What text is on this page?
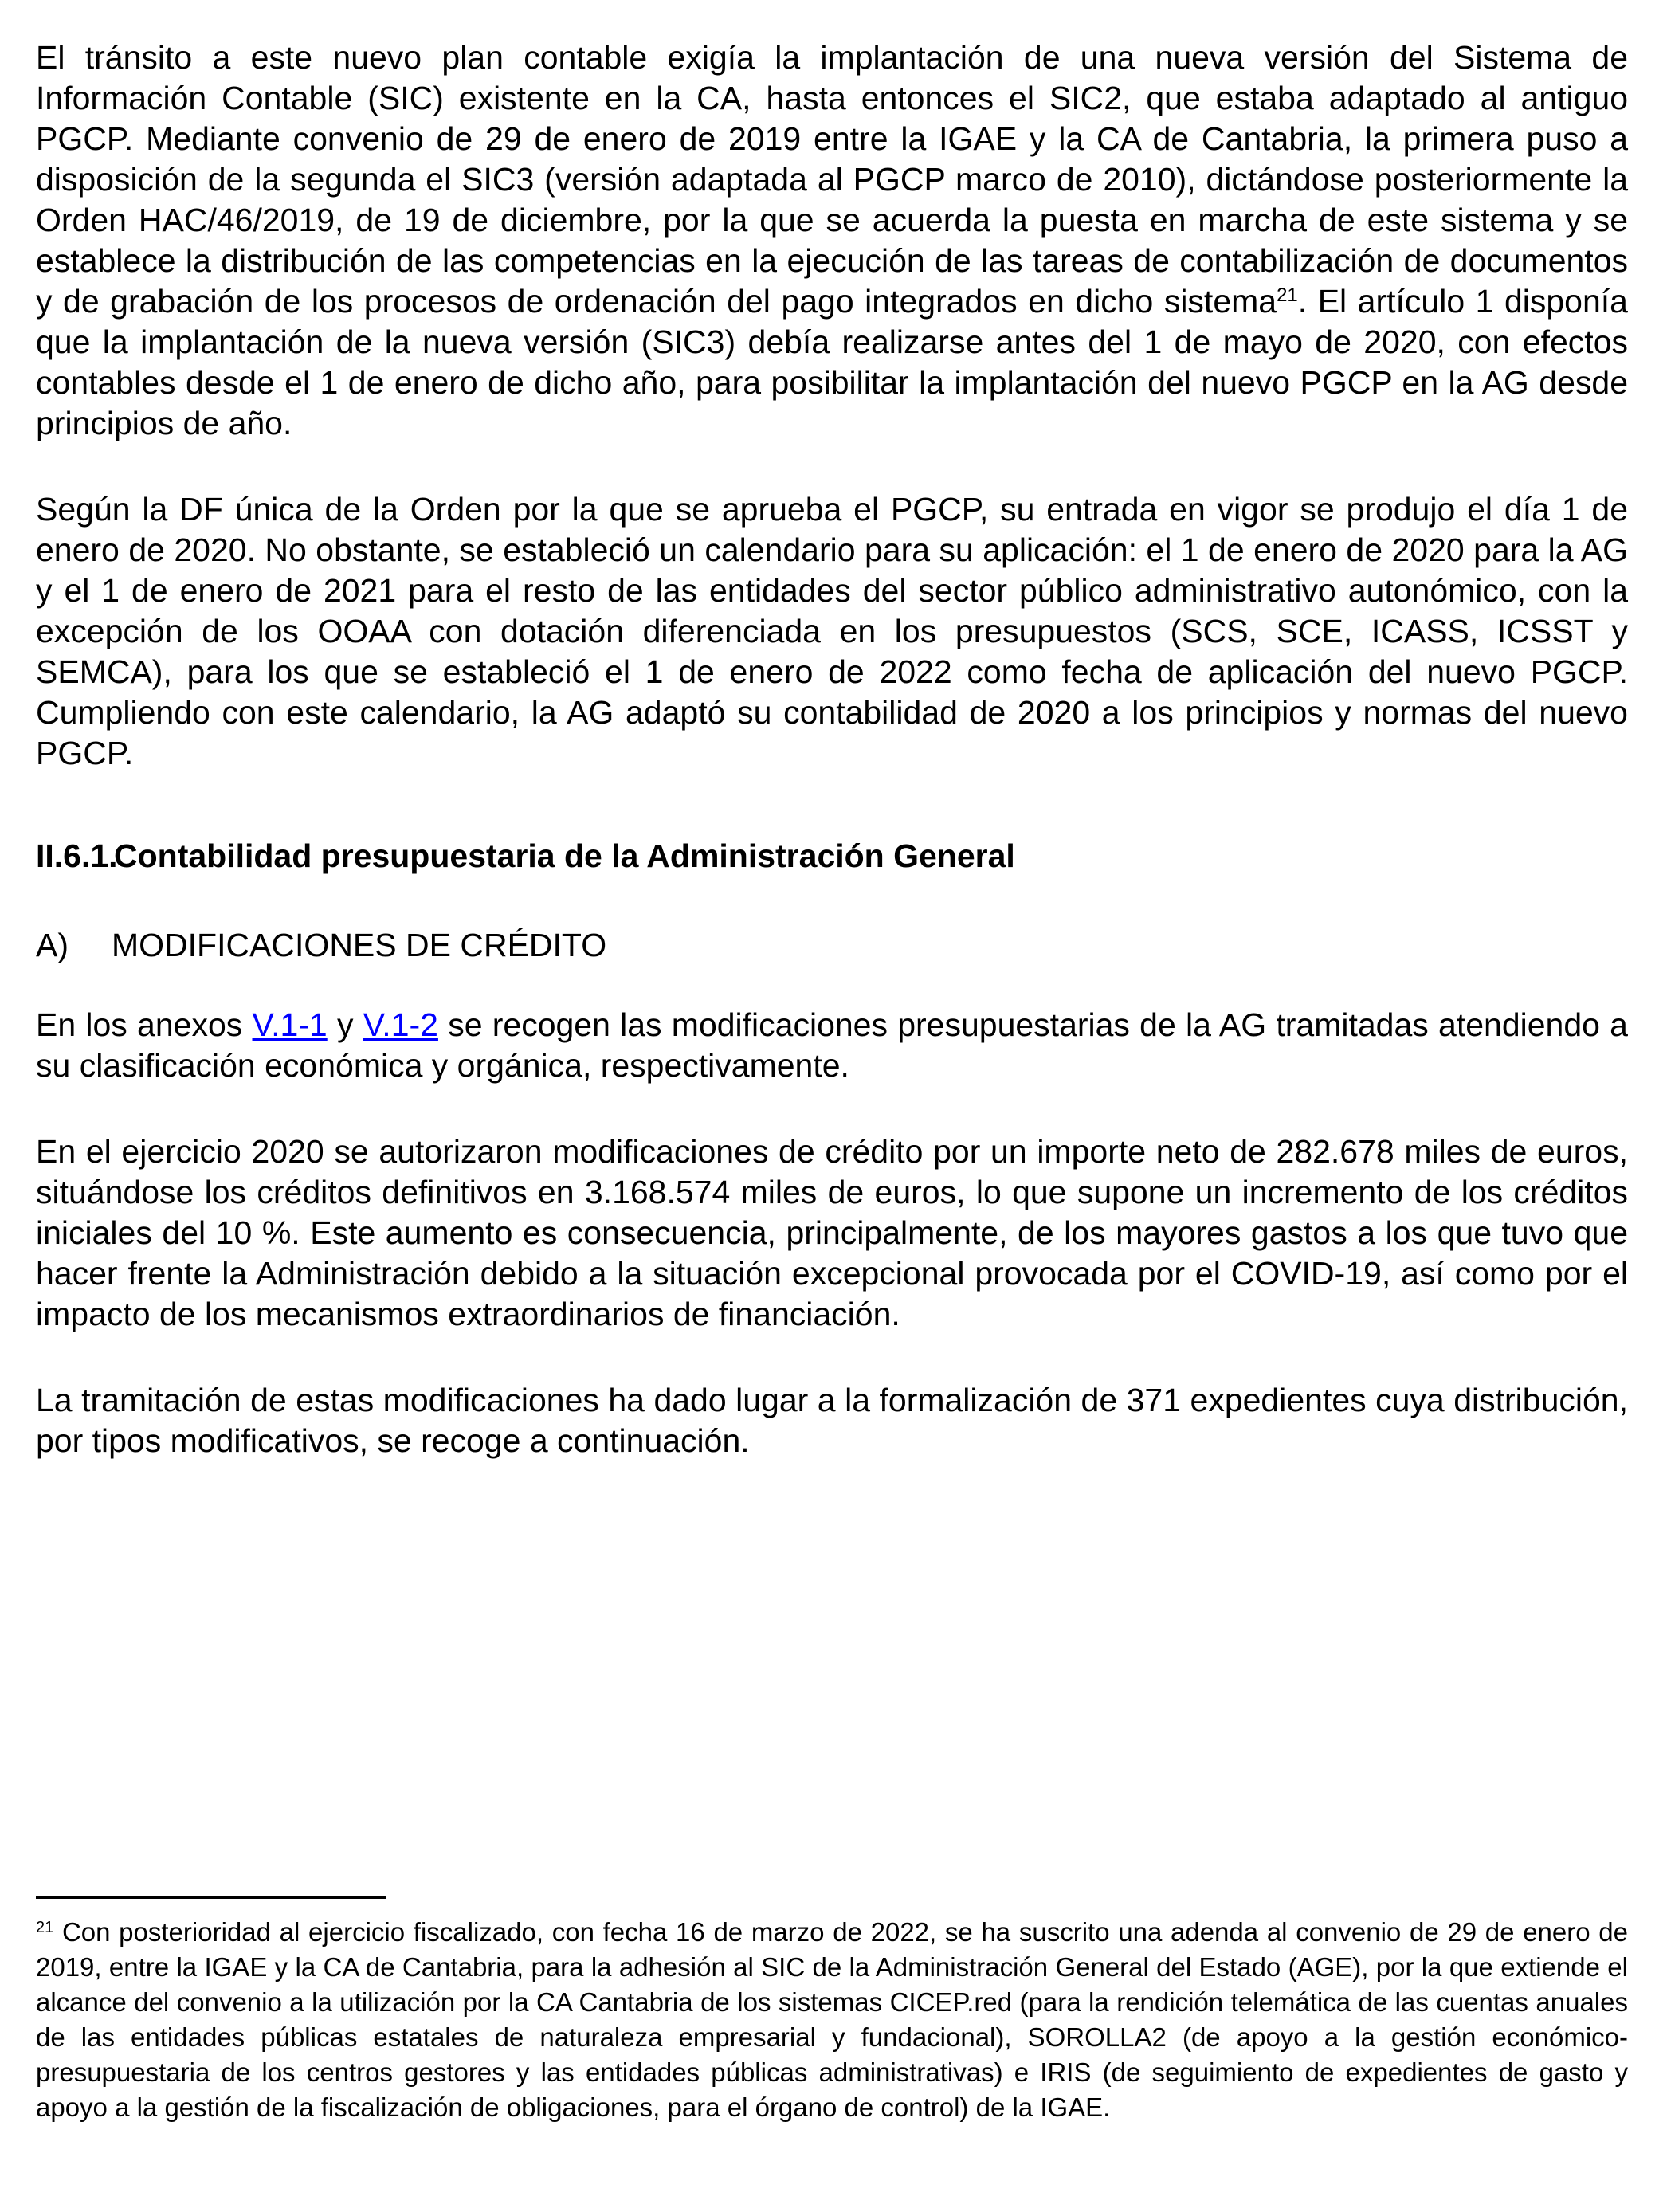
El tránsito a este nuevo plan contable exigía la implantación de una nueva versión del Sistema de Información Contable (SIC) existente en la CA, hasta entonces el SIC2, que estaba adaptado al antiguo PGCP. Mediante convenio de 29 de enero de 2019 entre la IGAE y la CA de Cantabria, la primera puso a disposición de la segunda el SIC3 (versión adaptada al PGCP marco de 2010), dictándose posteriormente la Orden HAC/46/2019, de 19 de diciembre, por la que se acuerda la puesta en marcha de este sistema y se establece la distribución de las competencias en la ejecución de las tareas de contabilización de documentos y de grabación de los procesos de ordenación del pago integrados en dicho sistema$^{21}$. El artículo 1 disponía que la implantación de la nueva versión (SIC3) debía realizarse antes del 1 de mayo de 2020, con efectos contables desde el 1 de enero de dicho año, para posibilitar la implantación del nuevo PGCP en la AG desde principios de año.

Según la DF única de la Orden por la que se aprueba el PGCP, su entrada en vigor se produjo el día 1 de enero de 2020. No obstante, se estableció un calendario para su aplicación: el 1 de enero de 2020 para la AG y el 1 de enero de 2021 para el resto de las entidades del sector público administrativo autonómico, con la excepción de los OOAA con dotación diferenciada en los presupuestos (SCS, SCE, ICASS, ICSST y SEMCA), para los que se estableció el 1 de enero de 2022 como fecha de aplicación del nuevo PGCP. Cumpliendo con este calendario, la AG adaptó su contabilidad de 2020 a los principios y normas del nuevo PGCP.

II.6.1.Contabilidad presupuestaria de la Administración General
A) MODIFICACIONES DE CRÉDITO

En los anexos V.1-1 y V.1-2 se recogen las modificaciones presupuestarias de la AG tramitadas atendiendo a su clasificación económica y orgánica, respectivamente.

En el ejercicio 2020 se autorizaron modificaciones de crédito por un importe neto de 282.678 miles de euros, situándose los créditos definitivos en 3.168.574 miles de euros, lo que supone un incremento de los créditos iniciales del 10 %. Este aumento es consecuencia, principalmente, de los mayores gastos a los que tuvo que hacer frente la Administración debido a la situación excepcional provocada por el COVID-19, así como por el impacto de los mecanismos extraordinarios de financiación.

La tramitación de estas modificaciones ha dado lugar a la formalización de 371 expedientes cuya distribución, por tipos modificativos, se recoge a continuación.

$^{21}$ Con posterioridad al ejercicio fiscalizado, con fecha 16 de marzo de 2022, se ha suscrito una adenda al convenio de 29 de enero de 2019, entre la IGAE y la CA de Cantabria, para la adhesión al SIC de la Administración General del Estado (AGE), por la que extiende el alcance del convenio a la utilización por la CA Cantabria de los sistemas CICEP.red (para la rendición telemática de las cuentas anuales de las entidades públicas estatales de naturaleza empresarial y fundacional), SOROLLA2 (de apoyo a la gestión económico-presupuestaria de los centros gestores y las entidades públicas administrativas) e IRIS (de seguimiento de expedientes de gasto y apoyo a la gestión de la fiscalización de obligaciones, para el órgano de control) de la IGAE.
